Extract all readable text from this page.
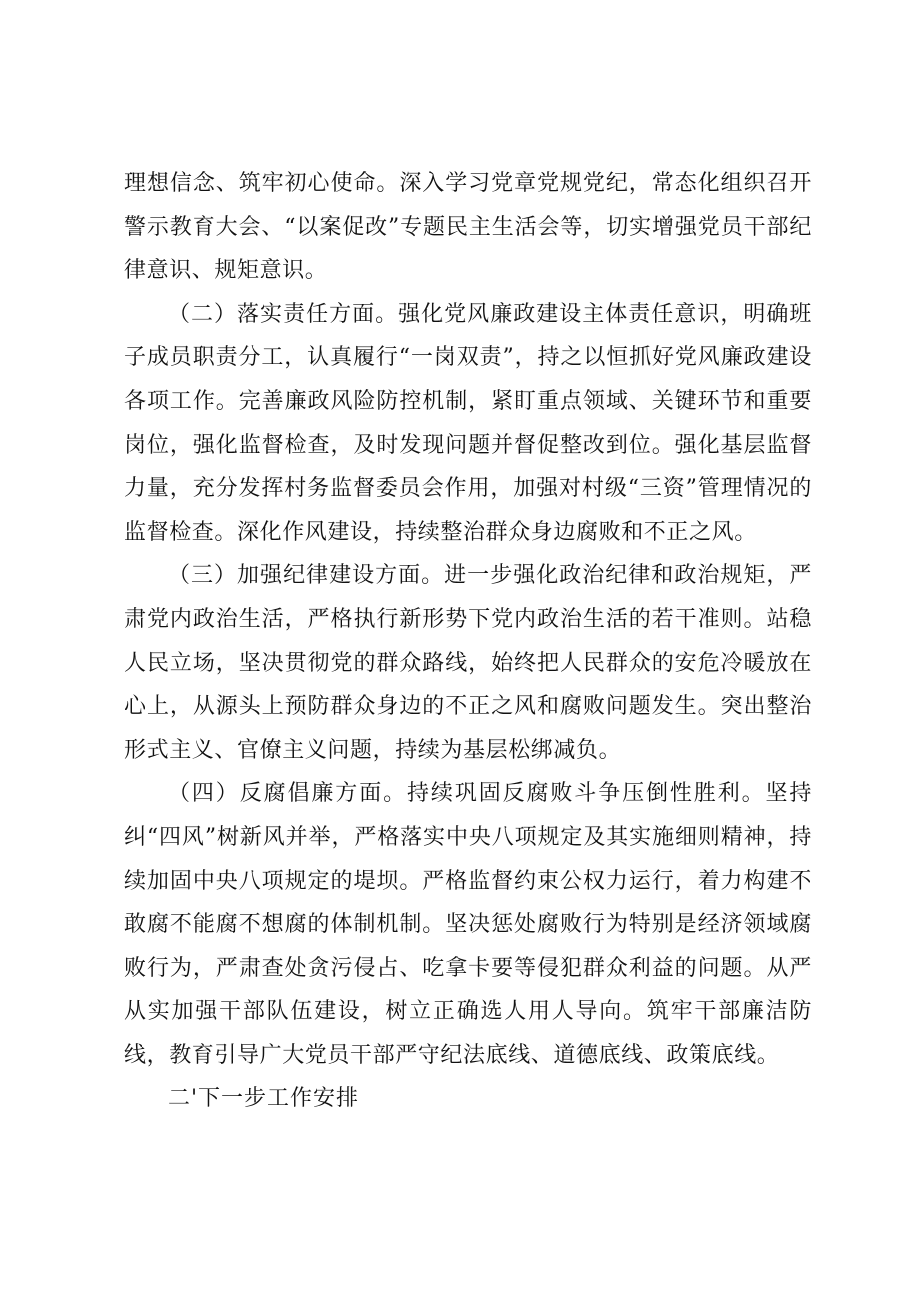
理想信念、筑牢初心使命。深入学习党章党规党纪，常态化组织召开警示教育大会、“以案促改”专题民主生活会等，切实增强党员干部纪律意识、规矩意识。

（二）落实责任方面。强化党风廉政建设主体责任意识，明确班子成员职责分工，认真履行“一岗双责”，持之以恒抓好党风廉政建设各项工作。完善廉政风险防控机制，紧盯重点领域、关键环节和重要岗位，强化监督检查，及时发现问题并督促整改到位。强化基层监督力量，充分发挥村务监督委员会作用，加强对村级“三资”管理情况的监督检查。深化作风建设，持续整治群众身边腐败和不正之风。

（三）加强纪律建设方面。进一步强化政治纪律和政治规矩，严肃党内政治生活，严格执行新形势下党内政治生活的若干准则。站稳人民立场，坚决贯彻党的群众路线，始终把人民群众的安危冷暖放在心上，从源头上预防群众身边的不正之风和腐败问题发生。突出整治形式主义、官僚主义问题，持续为基层松绑减负。

（四）反腐倡廉方面。持续巩固反腐败斗争压倒性胜利。坚持纠“四风”树新风并举，严格落实中央八项规定及其实施细则精神，持续加固中央八项规定的堤坝。严格监督约束公权力运行，着力构建不敢腐不能腐不想腐的体制机制。坚决惩处腐败行为特别是经济领域腐败行为，严肃查处贪污侵占、吃拿卡要等侵犯群众利益的问题。从严从实加强干部队伍建设，树立正确选人用人导向。筑牢干部廉洁防线，教育引导广大党员干部严守纪法底线、道德底线、政策底线。

二'下一步工作安排
